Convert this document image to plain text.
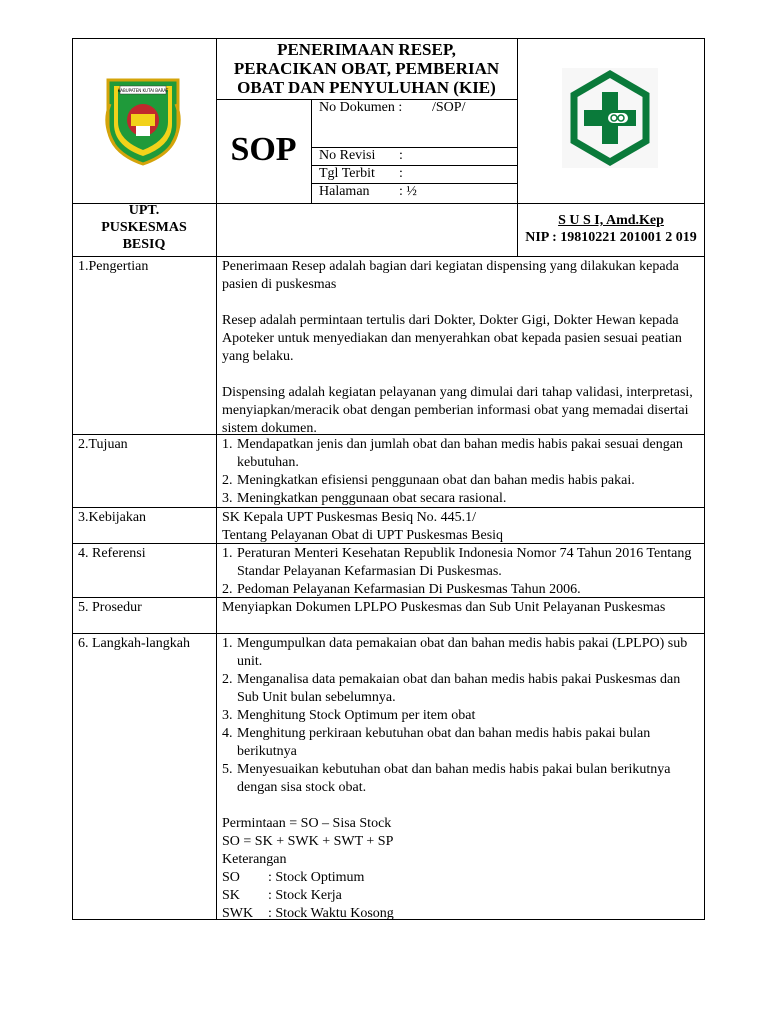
KABUPATEN KUTAI BARAT
PENERIMAAN RESEP,
PERACIKAN OBAT, PEMBERIAN
OBAT DAN PENYULUHAN (KIE)
SOP
No Dokumen : /SOP/
No Revisi :
Tgl Terbit :
Halaman : ½
UPT.
PUSKESMAS
BESIQ
S U S I, Amd.Kep
NIP : 19810221 201001 2 019
1.Pengertian	Penerimaan Resep adalah bagian dari kegiatan dispensing yang dilakukan kepada pasien di puskesmas

Resep adalah permintaan tertulis dari Dokter, Dokter Gigi, Dokter Hewan kepada Apoteker untuk menyediakan dan menyerahkan obat kepada pasien sesuai peatian yang belaku.

Dispensing adalah kegiatan pelayanan yang dimulai dari tahap validasi, interpretasi, menyiapkan/meracik obat dengan pemberian informasi obat yang memadai disertai sistem dokumen.

2.Tujuan	1. Mendapatkan jenis dan jumlah obat dan bahan medis habis pakai sesuai dengan kebutuhan.
2. Meningkatkan efisiensi penggunaan obat dan bahan medis habis pakai.
3. Meningkatkan penggunaan obat secara rasional.
3.Kebijakan	SK Kepala UPT Puskesmas Besiq No. 445.1/

Tentang Pelayanan Obat di UPT Puskesmas Besiq

4. Referensi	1. Peraturan Menteri Kesehatan Republik Indonesia Nomor 74 Tahun 2016 Tentang Standar Pelayanan Kefarmasian Di Puskesmas.
2. Pedoman Pelayanan Kefarmasian Di Puskesmas Tahun 2006.
5. Prosedur	Menyiapkan Dokumen LPLPO Puskesmas dan Sub Unit Pelayanan Puskesmas

6. Langkah-langkah 1. Mengumpulkan data pemakaian obat dan bahan medis habis pakai (LPLPO) sub unit.
2. Menganalisa data pemakaian obat dan bahan medis habis pakai Puskesmas dan Sub Unit bulan sebelumnya.
3. Menghitung Stock Optimum per item obat
4. Menghitung perkiraan kebutuhan obat dan bahan medis habis pakai bulan berikutnya
5. Menyesuaikan kebutuhan obat dan bahan medis habis pakai bulan berikutnya dengan sisa stock obat.

Permintaan = SO – Sisa Stock

SO = SK + SWK + SWT + SP

Keterangan

SO : Stock Optimum
SK : Stock Kerja
SWK : Stock Waktu Kosong
